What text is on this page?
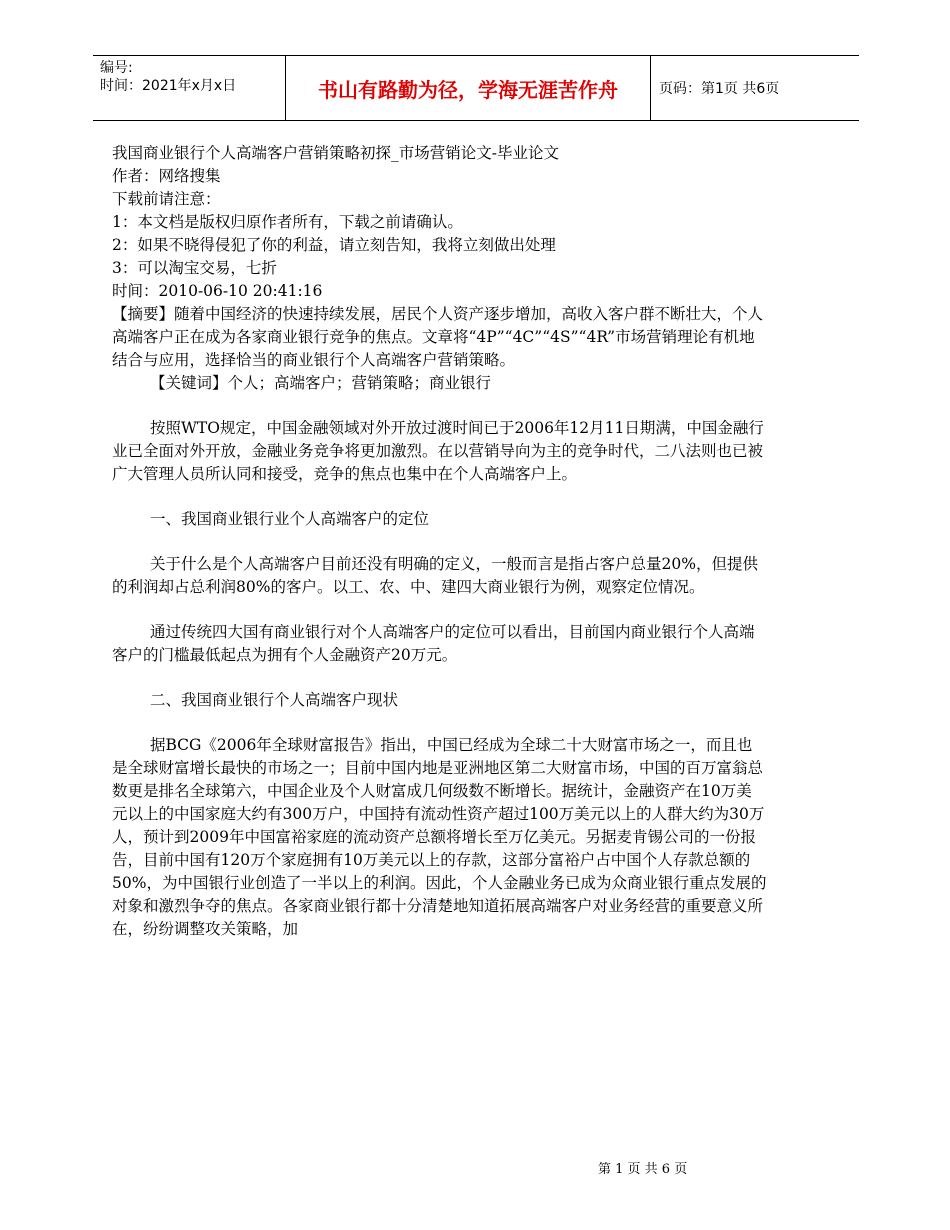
编号:
时间：2021年x月x日	书山有路勤为径，学海无涯苦作舟	页码：第1页 共6页

我国商业银行个人高端客户营销策略初探_市场营销论文-毕业论文

作者：网络搜集

下载前请注意：

1：本文档是版权归原作者所有，下载之前请确认。

2：如果不晓得侵犯了你的利益，请立刻告知，我将立刻做出处理

3：可以淘宝交易，七折

时间：2010-06-10 20:41:16

【摘要】随着中国经济的快速持续发展，居民个人资产逐步增加，高收入客户群不断壮大，个人高端客户正在成为各家商业银行竞争的焦点。文章将“4P”“4C”“4S”“4R”市场营销理论有机地结合与应用，选择恰当的商业银行个人高端客户营销策略。

【关键词】个人；高端客户；营销策略；商业银行

按照WTO规定，中国金融领域对外开放过渡时间已于2006年12月11日期满，中国金融行业已全面对外开放，金融业务竞争将更加激烈。在以营销导向为主的竞争时代，二八法则也已被广大管理人员所认同和接受，竞争的焦点也集中在个人高端客户上。

一、我国商业银行业个人高端客户的定位

关于什么是个人高端客户目前还没有明确的定义，一般而言是指占客户总量20%，但提供的利润却占总利润80%的客户。以工、农、中、建四大商业银行为例，观察定位情况。

通过传统四大国有商业银行对个人高端客户的定位可以看出，目前国内商业银行个人高端客户的门槛最低起点为拥有个人金融资产20万元。

二、我国商业银行个人高端客户现状

据BCG《2006年全球财富报告》指出，中国已经成为全球二十大财富市场之一，而且也是全球财富增长最快的市场之一；目前中国内地是亚洲地区第二大财富市场，中国的百万富翁总数更是排名全球第六，中国企业及个人财富成几何级数不断增长。据统计，金融资产在10万美元以上的中国家庭大约有300万户，中国持有流动性资产超过100万美元以上的人群大约为30万人，预计到2009年中国富裕家庭的流动资产总额将增长至万亿美元。另据麦肯锡公司的一份报告，目前中国有120万个家庭拥有10万美元以上的存款，这部分富裕户占中国个人存款总额的50%，为中国银行业创造了一半以上的利润。因此，个人金融业务已成为众商业银行重点发展的对象和激烈争夺的焦点。各家商业银行都十分清楚地知道拓展高端客户对业务经营的重要意义所在，纷纷调整攻关策略，加

第 1 页 共 6 页
